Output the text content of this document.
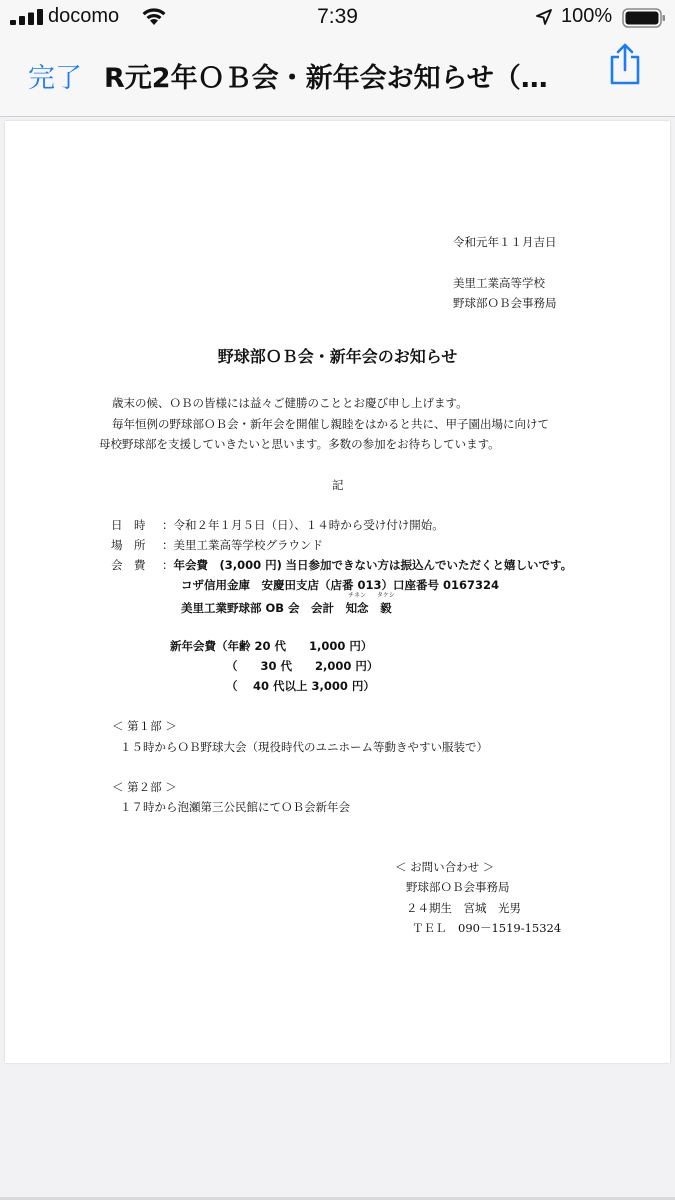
docomo	7:39	100%
完了 R元2年ＯＢ会・新年会お知らせ（…
令和元年１１月吉日
美里工業高等学校
野球部ＯＢ会事務局
野球部ＯＢ会・新年会のお知らせ
歳末の候、ＯＢの皆様には益々ご健勝のこととお慶び申し上げます。
毎年恒例の野球部ＯＢ会・新年会を開催し親睦をはかると共に、甲子園出場に向けて
母校野球部を支援していきたいと思います。多数の参加をお待ちしています。
記
日　時 ：令和２年１月５日（日）、１４時から受け付け開始。
場　所 ：美里工業高等学校グラウンド
会　費 ：年会費　(3,000 円) 当日参加できない方は振込んでいただくと嬉しいです。
コザ信用金庫　安慶田支店（店番 013）口座番号 0167324
美里工業野球部 OB 会　会計　
チネン
知念　
タケシ
毅
新年会費（年齢 20 代　　1,000 円）
（　　30 代　　2,000 円）
（　 40 代以上 3,000 円）
＜ 第１部 ＞
１５時からＯＢ野球大会（現役時代のユニホーム等動きやすい服装で）
＜ 第２部 ＞
１７時から泡瀬第三公民館にてＯＢ会新年会
＜ お問い合わせ ＞
野球部ＯＢ会事務局
２４期生　宮城　光男
ＴＥＬ　090－1519-15324
